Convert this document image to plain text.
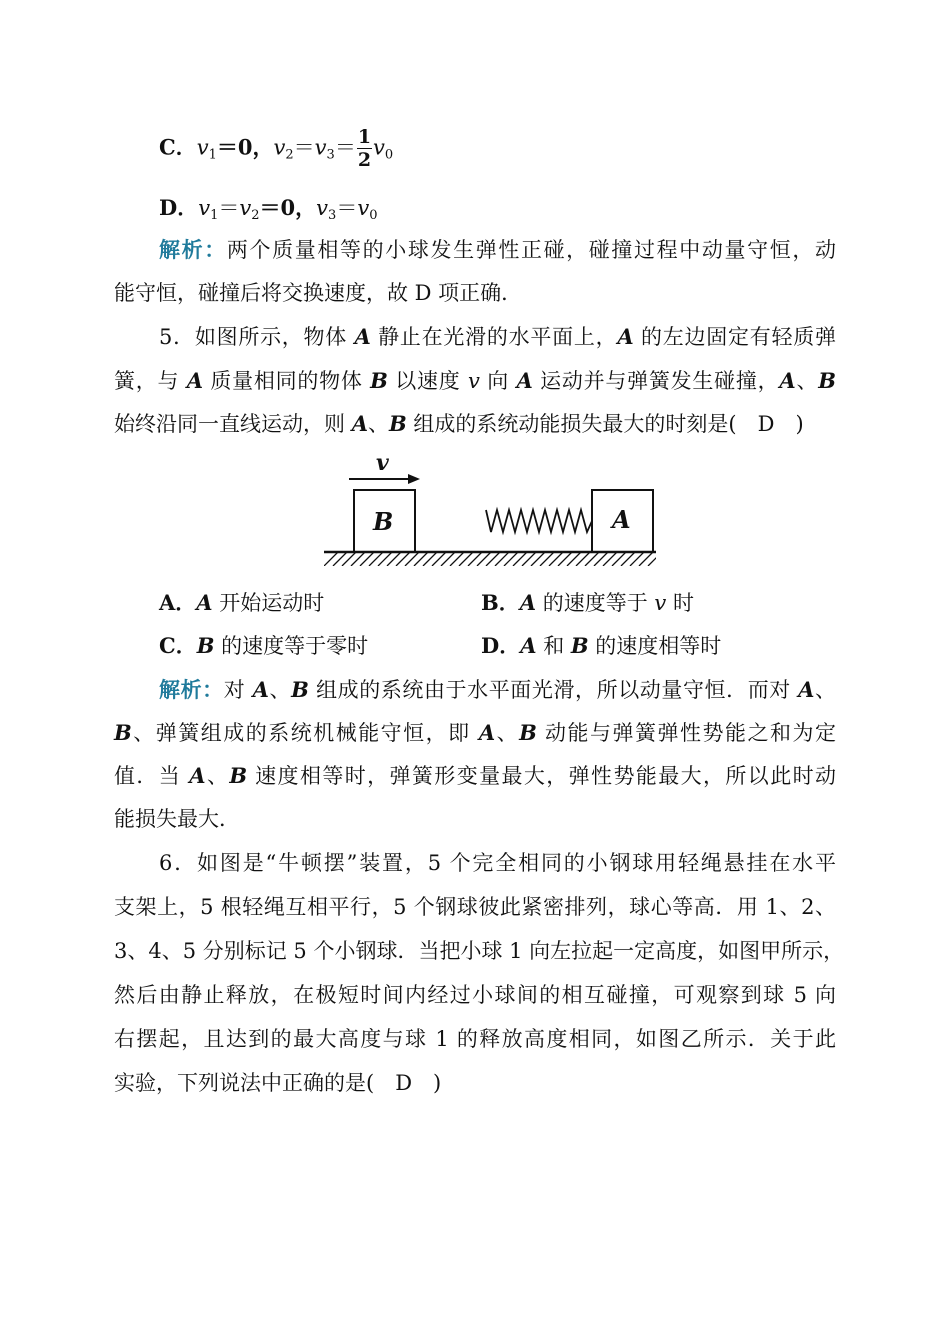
C．$v_1=0$，$v_2=v_3= \frac{1}{2} v_0$
D．$v_1=v_2=0$，$v_3=v_0$
解析：两个质量相等的小球发生弹性正碰，碰撞过程中动量守恒，动
能守恒，碰撞后将交换速度，故 D 项正确．
5．如图所示，物体 A 静止在光滑的水平面上，A 的左边固定有轻质弹
簧，与 A 质量相同的物体 B 以速度 v 向 A 运动并与弹簧发生碰撞，A、B
始终沿同一直线运动，则 A、B 组成的系统动能损失最大的时刻是(　D　)
v
B	A
A．A 开始运动时	B．A 的速度等于 v 时
C．B 的速度等于零时	D．A 和 B 的速度相等时
解析：对 A、B 组成的系统由于水平面光滑，所以动量守恒．而对 A、
B、弹簧组成的系统机械能守恒，即 A、B 动能与弹簧弹性势能之和为定
值．当 A、B 速度相等时，弹簧形变量最大，弹性势能最大，所以此时动
能损失最大．
6．如图是“牛顿摆”装置，5 个完全相同的小钢球用轻绳悬挂在水平
支架上，5 根轻绳互相平行，5 个钢球彼此紧密排列，球心等高．用 1、2、
3、4、5 分别标记 5 个小钢球．当把小球 1 向左拉起一定高度，如图甲所示，
然后由静止释放，在极短时间内经过小球间的相互碰撞，可观察到球 5 向
右摆起，且达到的最大高度与球 1 的释放高度相同，如图乙所示．关于此
实验，下列说法中正确的是(　D　)
